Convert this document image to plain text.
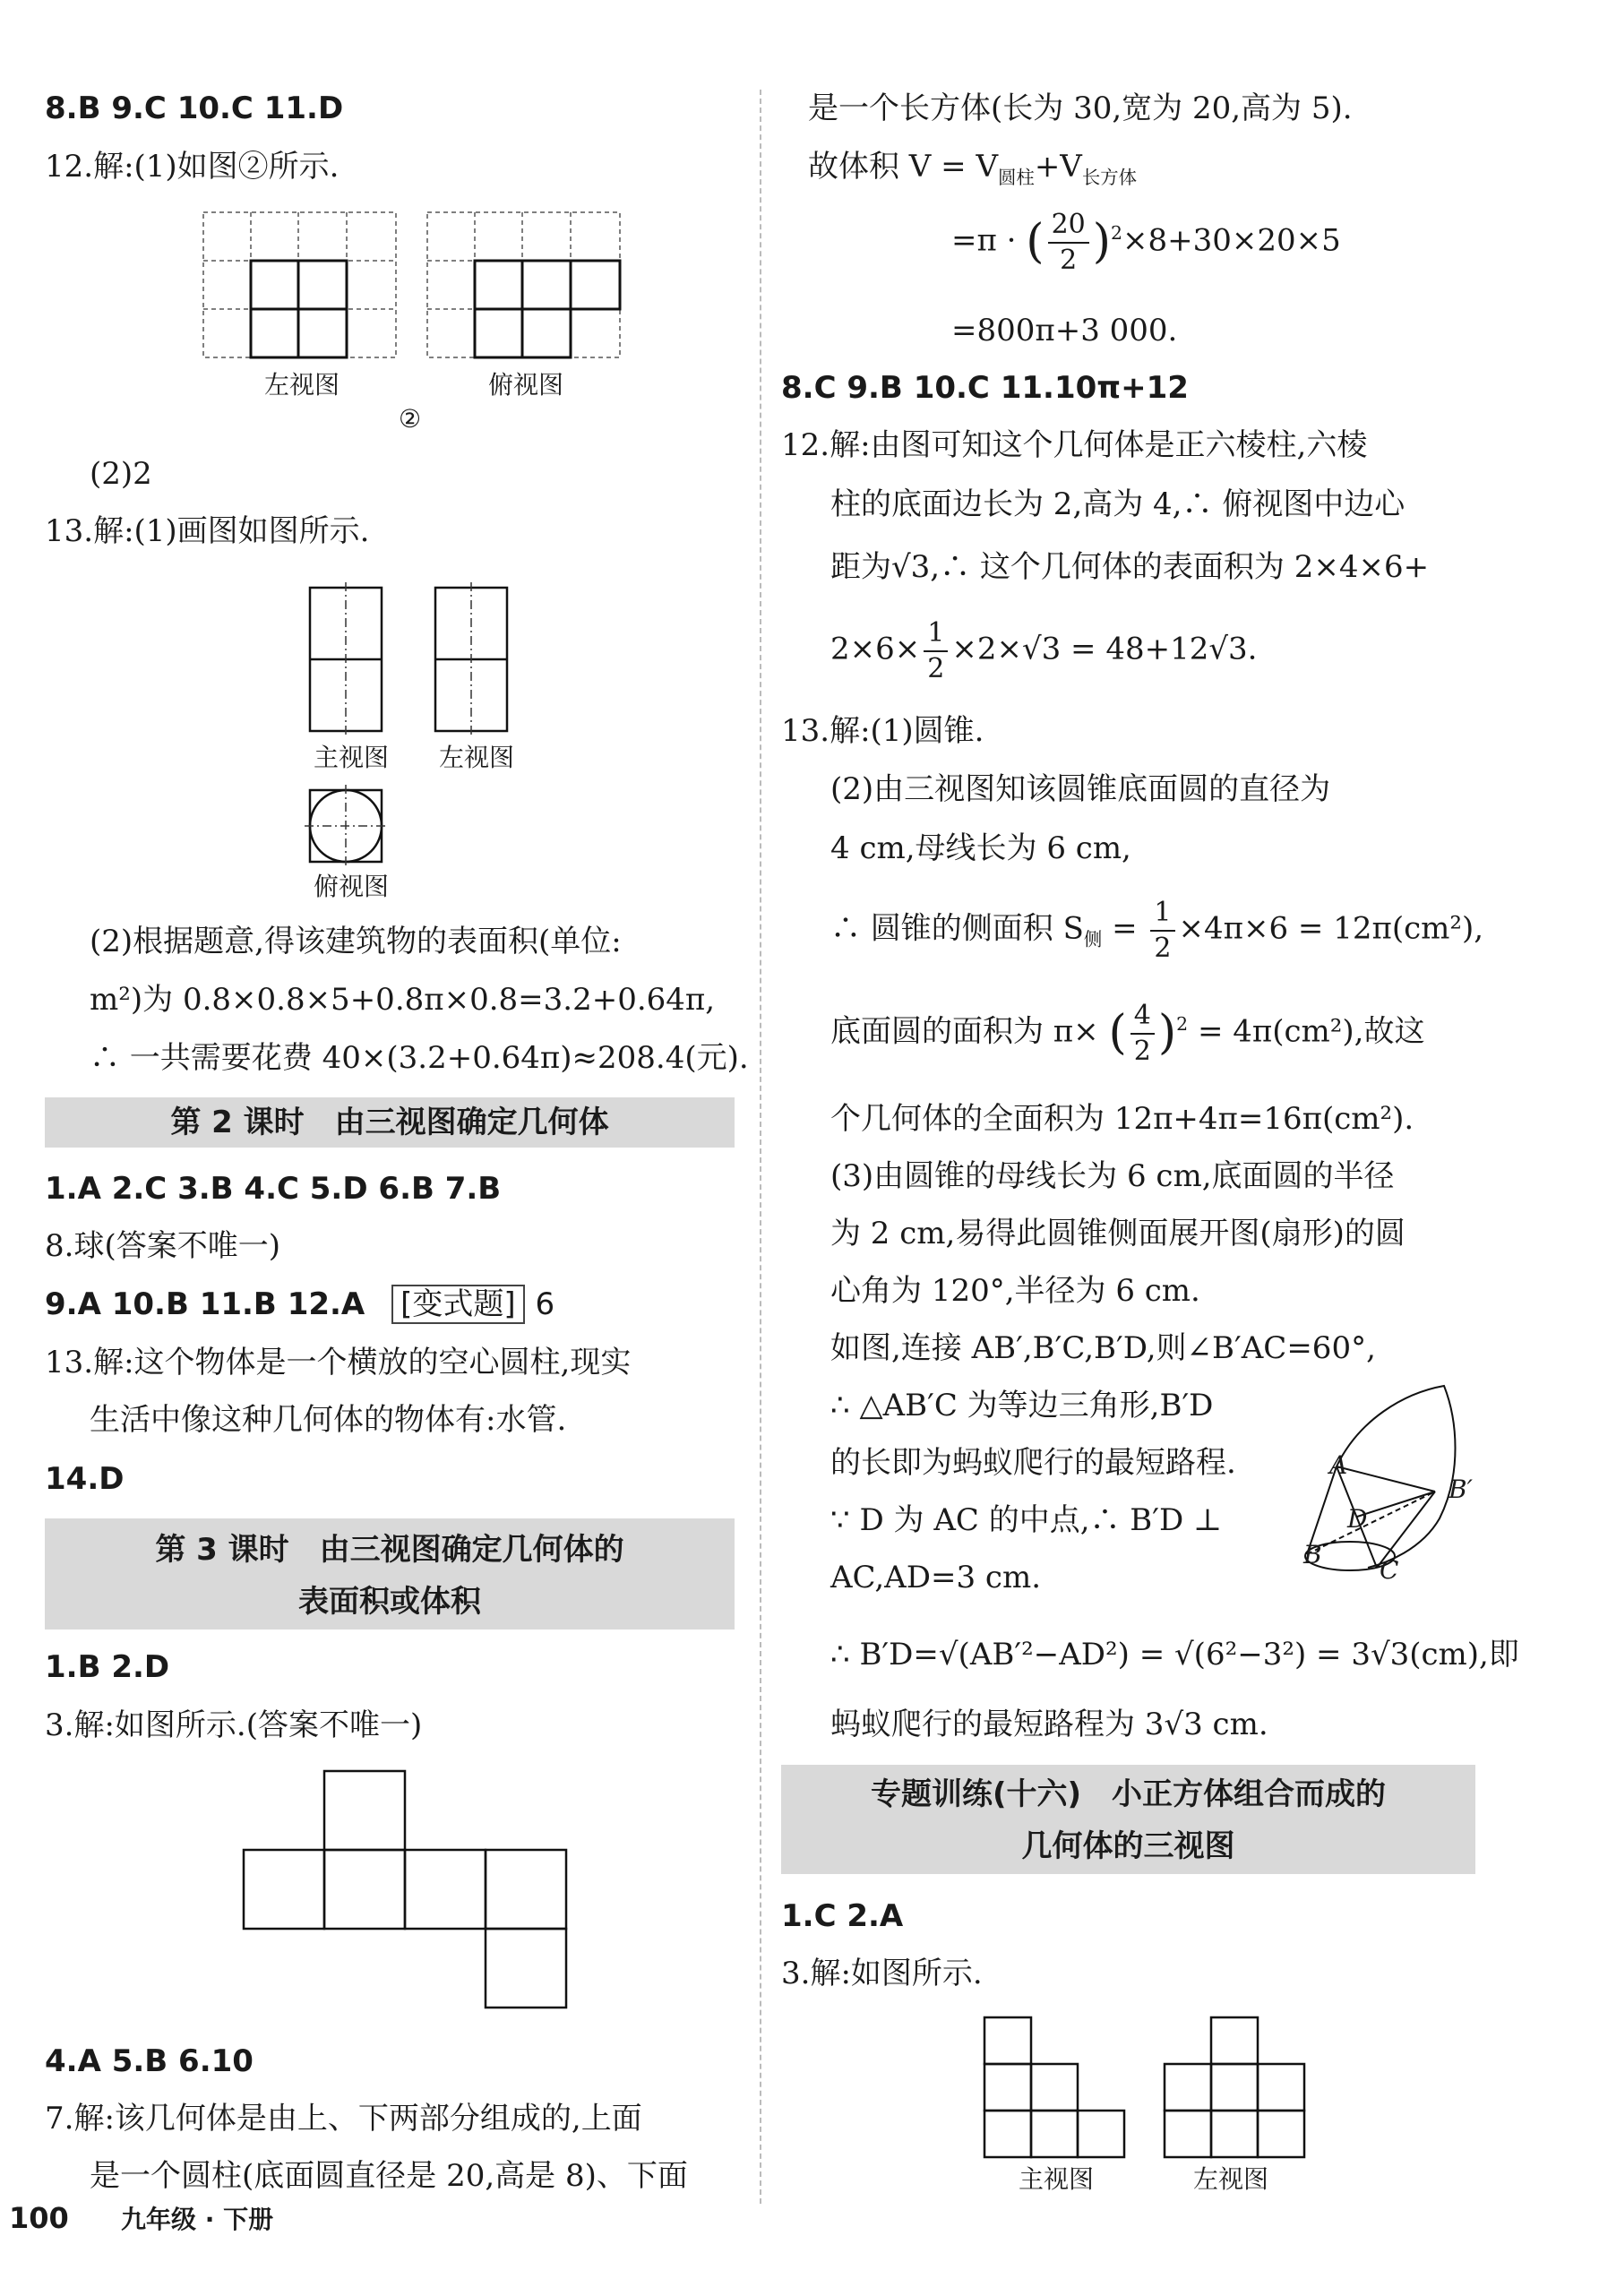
8.B 9.C 10.C 11.D
12.解:(1)如图②所示.
左视图	俯视图
②
(2)2
13.解:(1)画图如图所示.
主视图 左视图
俯视图
(2)根据题意,得该建筑物的表面积(单位:
m²)为 0.8×0.8×5+0.8π×0.8=3.2+0.64π,
∴ 一共需要花费 40×(3.2+0.64π)≈208.4(元).
第 2 课时　由三视图确定几何体
1.A 2.C 3.B 4.C 5.D 6.B 7.B
8.球(答案不唯一)
9.A 10.B 11.B 12.A [变式题] 6
13.解:这个物体是一个横放的空心圆柱,现实
生活中像这种几何体的物体有:水管.
14.D
第 3 课时　由三视图确定几何体的
表面积或体积
1.B 2.D
3.解:如图所示.(答案不唯一)
4.A 5.B 6.10
7.解:该几何体是由上、下两部分组成的,上面
是一个圆柱(底面圆直径是 20,高是 8)、下面
是一个长方体(长为 30,宽为 20,高为 5).
故体积 $V = V_{圆柱}+V_{长方体}$
=π · ( $\frac{20}{2} )^2\times 8+30\times 20\times 5$
=800π+3 000.
8.C 9.B 10.C 11.10π+12
12.解:由图可知这个几何体是正六棱柱,六棱
柱的底面边长为 2,高为 4,∴ 俯视图中边心
距为√3,∴ 这个几何体的表面积为 2×4×6+
$2\times 6\times \frac{1}{2} \times 2\times√3 = 48+12√3$.
13.解:(1)圆锥.
(2)由三视图知该圆锥底面圆的直径为
4 cm,母线长为 6 cm,
∴ 圆锥的侧面积 $S_侧 = \frac{1}{2} \times 4\pi\times 6 = 12\pi(cm^2)$,
底面圆的面积为 π× ( $\frac{4}{2} )^2 = 4\pi(cm^2)$,故这
个几何体的全面积为 12π+4π=16π(cm²).
(3)由圆锥的母线长为 6 cm,底面圆的半径
为 2 cm,易得此圆锥侧面展开图(扇形)的圆
心角为 120°,半径为 6 cm.
如图,连接 AB′,B′C,B′D,则∠B′AC=60°,
∴ △AB′C 为等边三角形,B′D
的长即为蚂蚁爬行的最短路程.
∵ D 为 AC 的中点,∴ B′D ⊥
AC,AD=3 cm.
A
D
B
C
B′
∴ B′D=√(AB′²−AD²) = √(6²−3²) = 3√3(cm),即
蚂蚁爬行的最短路程为 3√3 cm.
专题训练(十六)　小正方体组合而成的
几何体的三视图
1.C 2.A
3.解:如图所示.
主视图	左视图
100 九年级 · 下册
